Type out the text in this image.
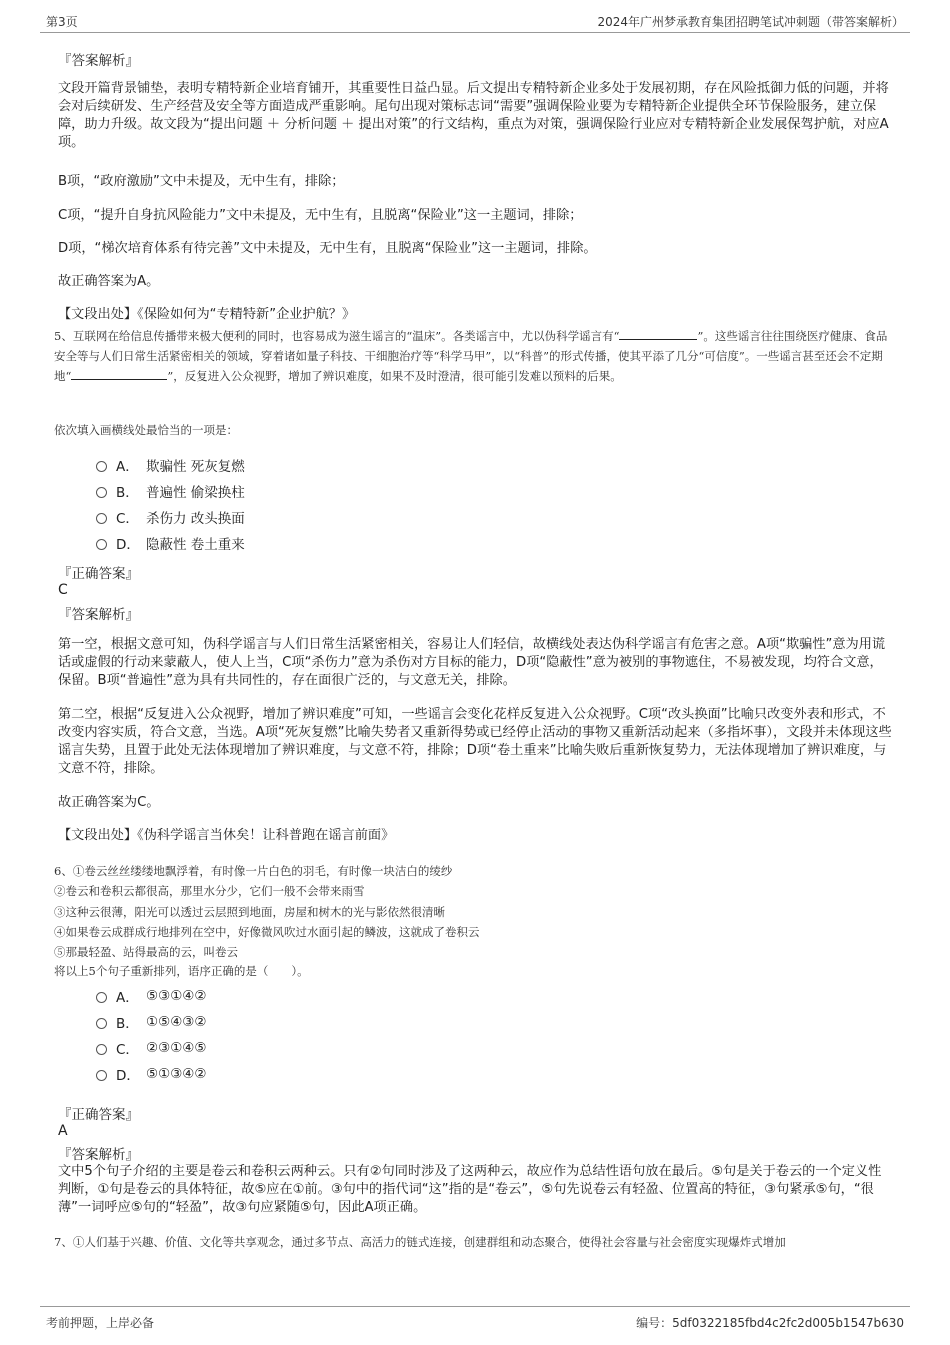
第3页	2024年广州梦承教育集团招聘笔试冲刺题（带答案解析）
『答案解析』
文段开篇背景铺垫，表明专精特新企业培育铺开，其重要性日益凸显。后文提出专精特新企业多处于发展初期，存在风险抵御力低的问题，并将会对后续研发、生产经营及安全等方面造成严重影响。尾句出现对策标志词“需要”强调保险业要为专精特新企业提供全环节保险服务，建立保障，助力升级。故文段为“提出问题 ＋ 分析问题 ＋ 提出对策”的行文结构，重点为对策，强调保险行业应对专精特新企业发展保驾护航，对应A项。
B项，“政府激励”文中未提及，无中生有，排除；
C项，“提升自身抗风险能力”文中未提及，无中生有，且脱离“保险业”这一主题词，排除；
D项，“梯次培育体系有待完善”文中未提及，无中生有，且脱离“保险业”这一主题词，排除。
故正确答案为A。
【文段出处】《保险如何为“专精特新”企业护航？》
5、互联网在给信息传播带来极大便利的同时，也容易成为滋生谣言的“温床”。各类谣言中，尤以伪科学谣言有“	”。这些谣言往往围绕医疗健康、食品安全等与人们日常生活紧密相关的领域，穿着诸如量子科技、干细胞治疗等“科学马甲”，以“科普”的形式传播，使其平添了几分“可信度”。一些谣言甚至还会不定期地“	”，反复进入公众视野，增加了辨识难度，如果不及时澄清，很可能引发难以预料的后果。
依次填入画横线处最恰当的一项是：
A． 欺骗性 死灰复燃
B． 普遍性 偷梁换柱
C． 杀伤力 改头换面
D． 隐蔽性 卷土重来
『正确答案』
C
『答案解析』
第一空，根据文意可知，伪科学谣言与人们日常生活紧密相关，容易让人们轻信，故横线处表达伪科学谣言有危害之意。A项“欺骗性”意为用谎话或虚假的行动来蒙蔽人，使人上当，C项“杀伤力”意为杀伤对方目标的能力，D项“隐蔽性”意为被别的事物遮住，不易被发现，均符合文意，保留。B项“普遍性”意为具有共同性的，存在面很广泛的，与文意无关，排除。
第二空，根据“反复进入公众视野，增加了辨识难度”可知，一些谣言会变化花样反复进入公众视野。C项“改头换面”比喻只改变外表和形式，不改变内容实质，符合文意，当选。A项“死灰复燃”比喻失势者又重新得势或已经停止活动的事物又重新活动起来（多指坏事），文段并未体现这些谣言失势，且置于此处无法体现增加了辨识难度，与文意不符，排除；D项“卷土重来”比喻失败后重新恢复势力，无法体现增加了辨识难度，与文意不符，排除。
故正确答案为C。
【文段出处】《伪科学谣言当休矣！让科普跑在谣言前面》
6、①卷云丝丝缕缕地飘浮着，有时像一片白色的羽毛，有时像一块洁白的绫纱
②卷云和卷积云都很高，那里水分少，它们一般不会带来雨雪
③这种云很薄，阳光可以透过云层照到地面，房屋和树木的光与影依然很清晰
④如果卷云成群成行地排列在空中，好像微风吹过水面引起的鳞波，这就成了卷积云
⑤那最轻盈、站得最高的云，叫卷云
将以上5个句子重新排列，语序正确的是（　　）。
A． ⑤③①④②
B． ①⑤④③②
C． ②③①④⑤
D． ⑤①③④②
『正确答案』
A
『答案解析』
文中5个句子介绍的主要是卷云和卷积云两种云。只有②句同时涉及了这两种云，故应作为总结性语句放在最后。⑤句是关于卷云的一个定义性判断，①句是卷云的具体特征，故⑤应在①前。③句中的指代词“这”指的是“卷云”，⑤句先说卷云有轻盈、位置高的特征，③句紧承⑤句，“很薄”一词呼应⑤句的“轻盈”，故③句应紧随⑤句，因此A项正确。
7、①人们基于兴趣、价值、文化等共享观念，通过多节点、高活力的链式连接，创建群组和动态聚合，使得社会容量与社会密度实现爆炸式增加
考前押题，上岸必备	编号：5df0322185fbd4c2fc2d005b1547b630
